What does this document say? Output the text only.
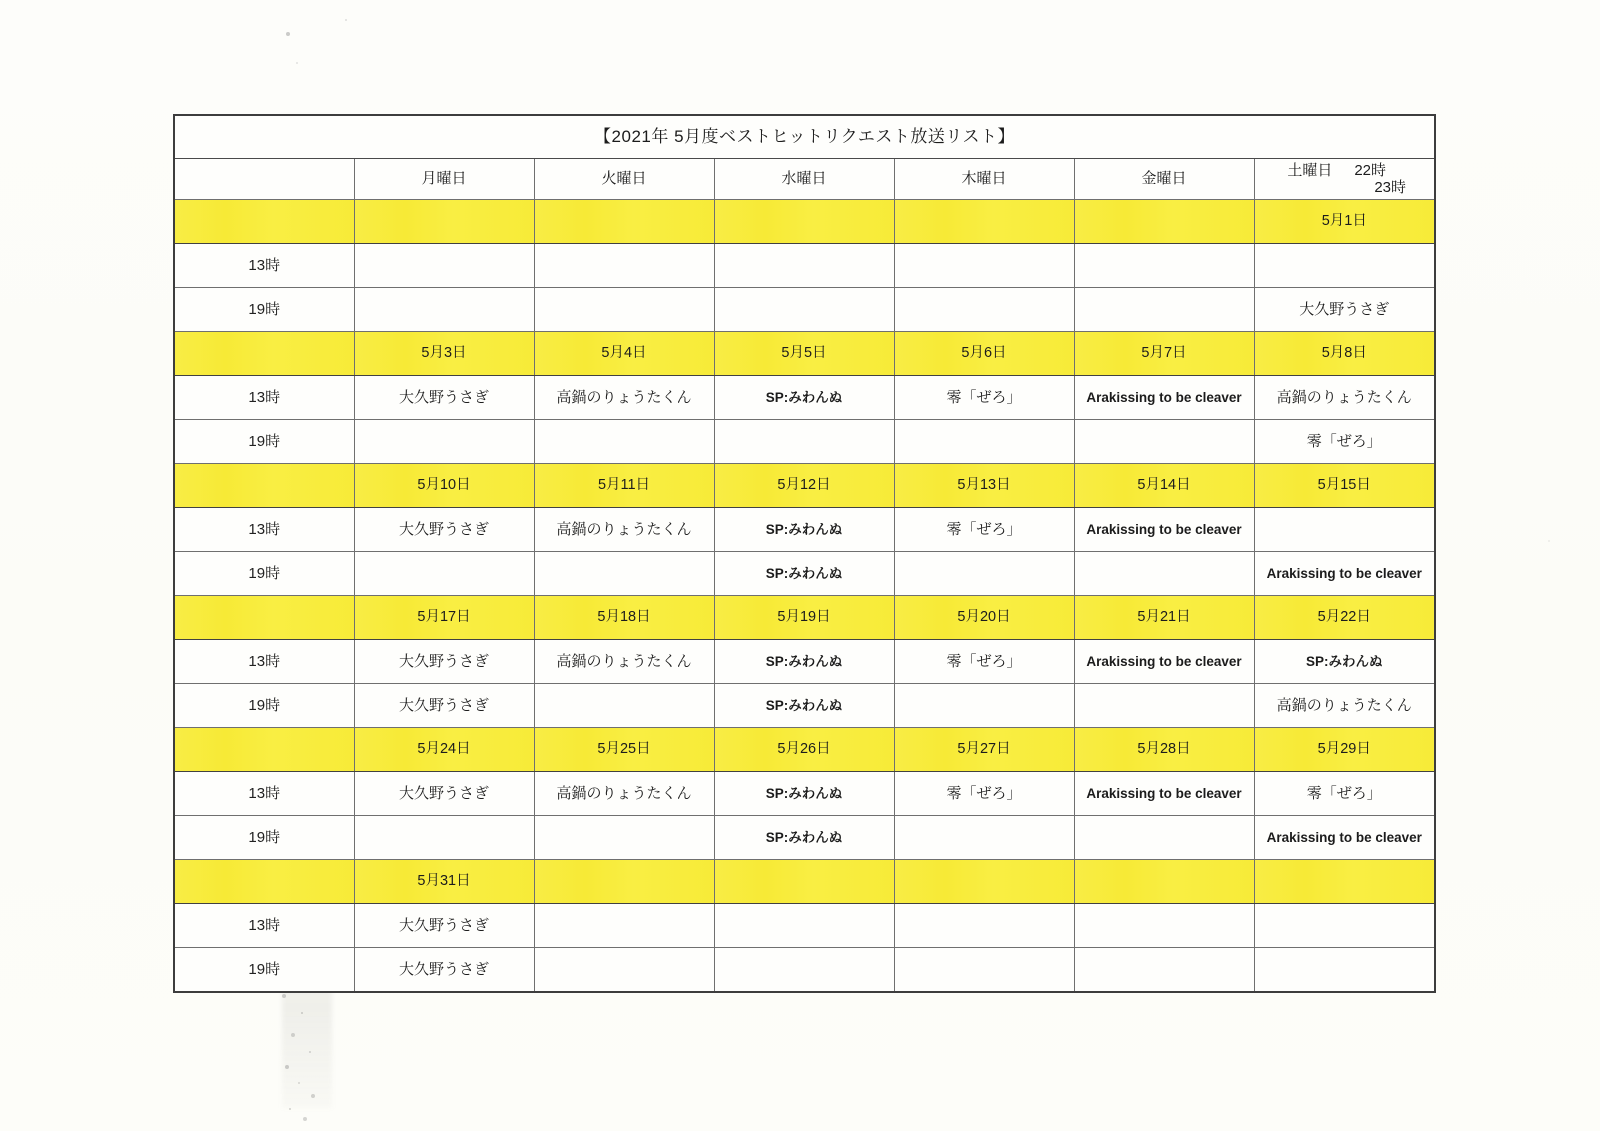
【2021年 5月度ベストヒットリクエスト放送リスト】						
	月曜日	火曜日	水曜日	木曜日	金曜日	土曜日 22時
23時

						5月1日
13時						
19時						大久野うさぎ
	5月3日	5月4日	5月5日	5月6日	5月7日	5月8日
13時	大久野うさぎ	高鍋のりょうたくん	SP:みわんぬ	零「ぜろ」	Arakissing to be cleaver	高鍋のりょうたくん
19時						零「ぜろ」
	5月10日	5月11日	5月12日	5月13日	5月14日	5月15日
13時	大久野うさぎ	高鍋のりょうたくん	SP:みわんぬ	零「ぜろ」	Arakissing to be cleaver	
19時			SP:みわんぬ			Arakissing to be cleaver
	5月17日	5月18日	5月19日	5月20日	5月21日	5月22日
13時	大久野うさぎ	高鍋のりょうたくん	SP:みわんぬ	零「ぜろ」	Arakissing to be cleaver	SP:みわんぬ
19時	大久野うさぎ		SP:みわんぬ			高鍋のりょうたくん
	5月24日	5月25日	5月26日	5月27日	5月28日	5月29日
13時	大久野うさぎ	高鍋のりょうたくん	SP:みわんぬ	零「ぜろ」	Arakissing to be cleaver	零「ぜろ」
19時			SP:みわんぬ			Arakissing to be cleaver
	5月31日					
13時	大久野うさぎ					
19時	大久野うさぎ					
